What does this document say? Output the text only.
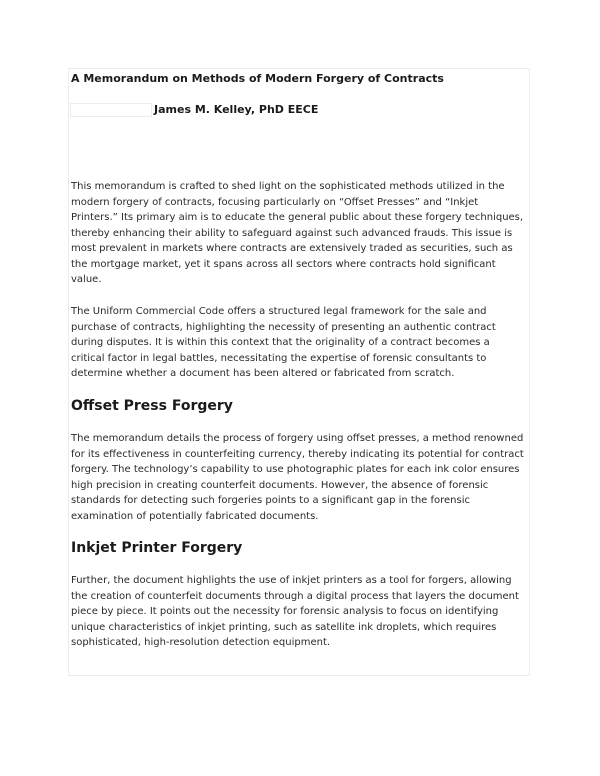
A Memorandum on Methods of Modern Forgery of Contracts
James M. Kelley, PhD EECE

This memorandum is crafted to shed light on the sophisticated methods utilized in the modern forgery of contracts, focusing particularly on “Offset Presses” and “Inkjet Printers.” Its primary aim is to educate the general public about these forgery techniques, thereby enhancing their ability to safeguard against such advanced frauds. This issue is most prevalent in markets where contracts are extensively traded as securities, such as the mortgage market, yet it spans across all sectors where contracts hold significant value.

The Uniform Commercial Code offers a structured legal framework for the sale and purchase of contracts, highlighting the necessity of presenting an authentic contract during disputes. It is within this context that the originality of a contract becomes a critical factor in legal battles, necessitating the expertise of forensic consultants to determine whether a document has been altered or fabricated from scratch.

Offset Press Forgery

The memorandum details the process of forgery using offset presses, a method renowned for its effectiveness in counterfeiting currency, thereby indicating its potential for contract forgery. The technology’s capability to use photographic plates for each ink color ensures high precision in creating counterfeit documents. However, the absence of forensic standards for detecting such forgeries points to a significant gap in the forensic examination of potentially fabricated documents.

Inkjet Printer Forgery

Further, the document highlights the use of inkjet printers as a tool for forgers, allowing the creation of counterfeit documents through a digital process that layers the document piece by piece. It points out the necessity for forensic analysis to focus on identifying unique characteristics of inkjet printing, such as satellite ink droplets, which requires sophisticated, high-resolution detection equipment.
